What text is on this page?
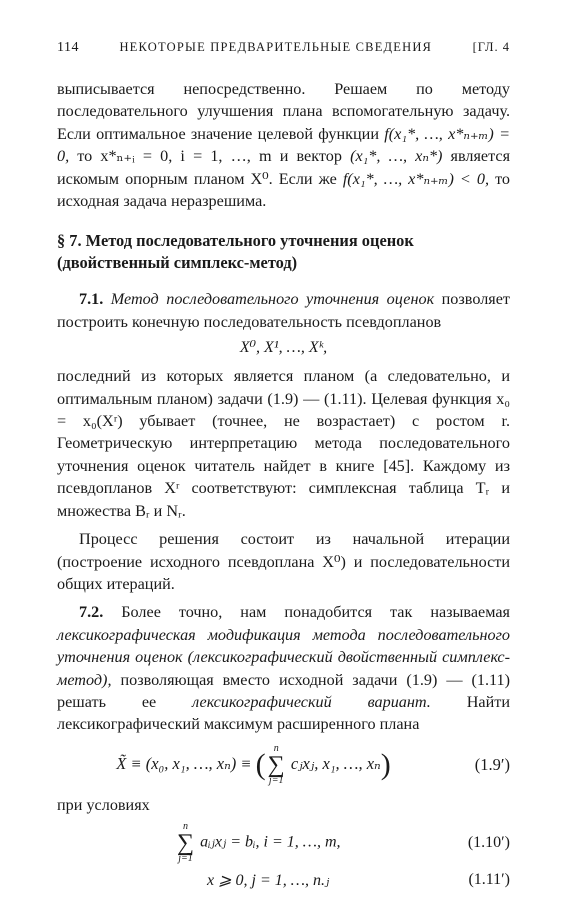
114	НЕКОТОРЫЕ ПРЕДВАРИТЕЛЬНЫЕ СВЕДЕНИЯ	[ГЛ. 4

выписывается непосредственно. Решаем по методу последовательного улучшения плана вспомогательную задачу. Если оптимальное значение целевой функции f(x₁*, …, x*ₙ₊ₘ) = 0, то x*ₙ₊ᵢ = 0, i = 1, …, m и вектор (x₁*, …, xₙ*) является искомым опорным планом X⁰. Если же f(x₁*, …, x*ₙ₊ₘ) < 0, то исходная задача неразрешима.

§ 7. Метод последовательного уточнения оценок (двойственный симплекс-метод)

7.1. Метод последовательного уточнения оценок позволяет построить конечную последовательность псевдопланов

X⁰, X¹, …, Xᵏ,

последний из которых является планом (а следовательно, и оптимальным планом) задачи (1.9) — (1.11). Целевая функция x₀ = x₀(Xʳ) убывает (точнее, не возрастает) с ростом r. Геометрическую интерпретацию метода последовательного уточнения оценок читатель найдет в книге [45]. Каждому из псевдопланов Xʳ соответствуют: симплексная таблица Tᵣ и множества Bᵣ и Nᵣ.

Процесс решения состоит из начальной итерации (построение исходного псевдоплана X⁰) и последовательности общих итераций.

7.2. Более точно, нам понадобится так называемая лексикографическая модификация метода последовательного уточнения оценок (лексикографический двойственный симплекс-метод), позволяющая вместо исходной задачи (1.9) — (1.11) решать ее лексикографический вариант. Найти лексикографический максимум расширенного плана

X̃ ≡ (x₀, x₁, …, xₙ) ≡ ( n
∑
j=1
cⱼxⱼ, x₁, …, xₙ)	(1.9′)

при условиях

n
∑
j=1
aᵢⱼxⱼ = bᵢ, i = 1, …, m,	(1.10′)
x ⩾ 0, j = 1, …, n.ⱼ	(1.11′)
